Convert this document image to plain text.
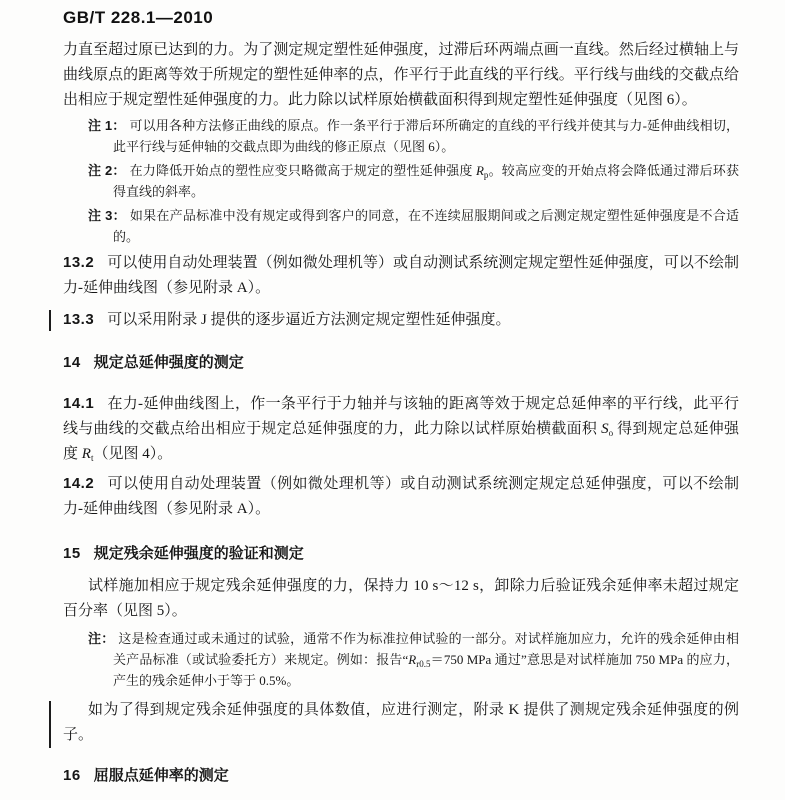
GB/T 228.1—2010

力直至超过原已达到的力。为了测定规定塑性延伸强度，过滞后环两端点画一直线。然后经过横轴上与曲线原点的距离等效于所规定的塑性延伸率的点，作平行于此直线的平行线。平行线与曲线的交截点给出相应于规定塑性延伸强度的力。此力除以试样原始横截面积得到规定塑性延伸强度（见图 6）。

注 1： 可以用各种方法修正曲线的原点。作一条平行于滞后环所确定的直线的平行线并使其与力-延伸曲线相切，此平行线与延伸轴的交截点即为曲线的修正原点（见图 6）。
注 2： 在力降低开始点的塑性应变只略微高于规定的塑性延伸强度 $R_p$。较高应变的开始点将会降低通过滞后环获得直线的斜率。
注 3： 如果在产品标准中没有规定或得到客户的同意，在不连续屈服期间或之后测定规定塑性延伸强度是不合适的。

13.2 可以使用自动处理装置（例如微处理机等）或自动测试系统测定规定塑性延伸强度，可以不绘制力-延伸曲线图（参见附录 A）。

13.3 可以采用附录 J 提供的逐步逼近方法测定规定塑性延伸强度。

14 规定总延伸强度的测定

14.1 在力-延伸曲线图上，作一条平行于力轴并与该轴的距离等效于规定总延伸率的平行线，此平行线与曲线的交截点给出相应于规定总延伸强度的力，此力除以试样原始横截面积 $S_o$ 得到规定总延伸强度 $R_t$（见图 4）。

14.2 可以使用自动处理装置（例如微处理机等）或自动测试系统测定规定总延伸强度，可以不绘制力-延伸曲线图（参见附录 A）。

15 规定残余延伸强度的验证和测定

试样施加相应于规定残余延伸强度的力，保持力 10 s～12 s，卸除力后验证残余延伸率未超过规定百分率（见图 5）。

注： 这是检查通过或未通过的试验，通常不作为标准拉伸试验的一部分。对试样施加应力，允许的残余延伸由相关产品标准（或试验委托方）来规定。例如：报告“$R_{r0.5}=750$ MPa 通过”意思是对试样施加 750 MPa 的应力，产生的残余延伸小于等于 0.5%。

如为了得到规定残余延伸强度的具体数值，应进行测定，附录 K 提供了测规定残余延伸强度的例子。

16 屈服点延伸率的测定
